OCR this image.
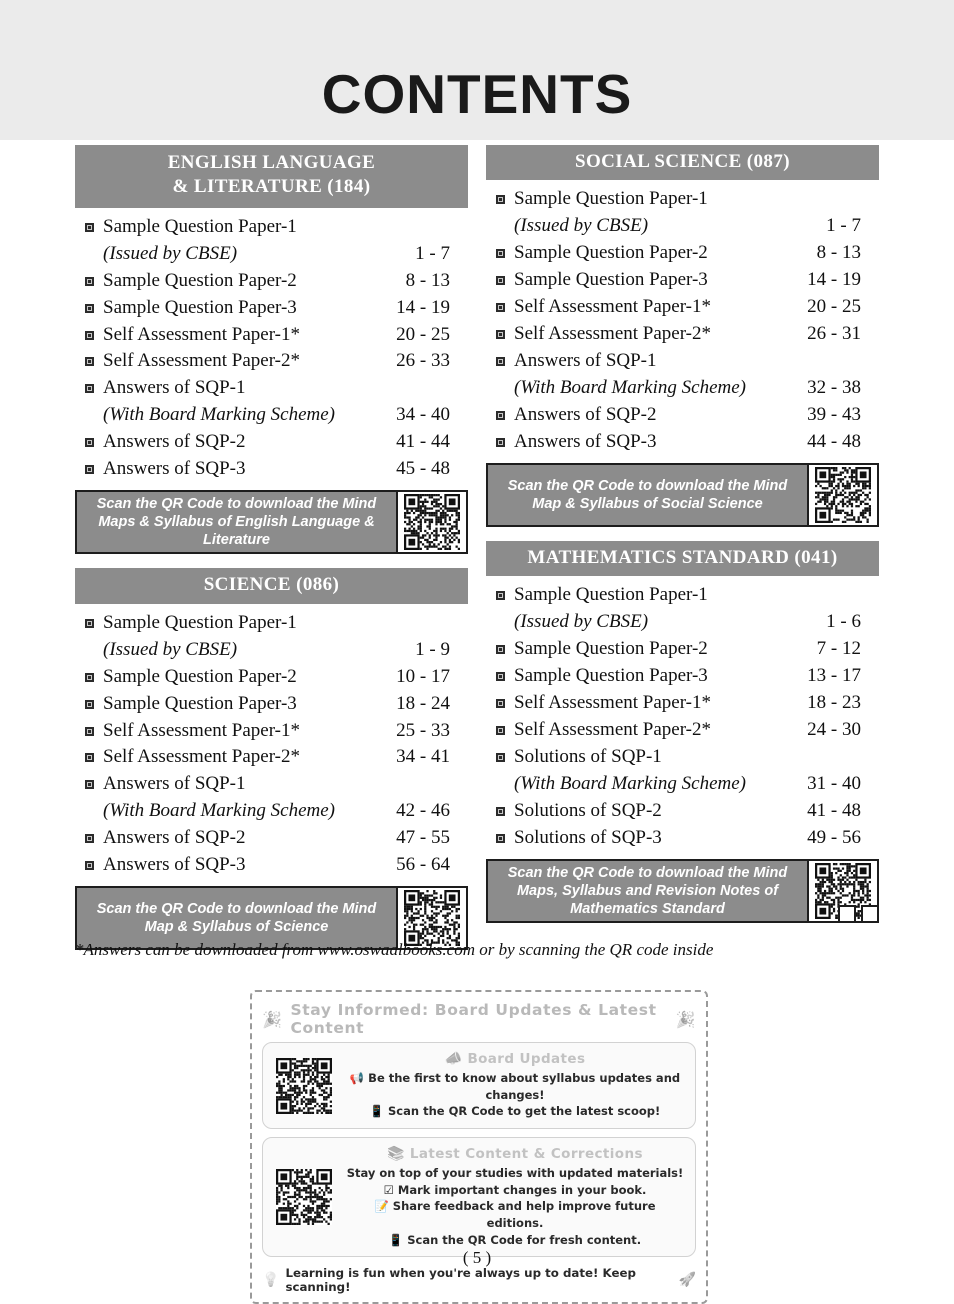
CONTENTS
ENGLISH LANGUAGE
& LITERATURE (184)
Sample Question Paper-1
(Issued by CBSE)	1 - 7
Sample Question Paper-2	8 - 13
Sample Question Paper-3	14 - 19
Self Assessment Paper-1*	20 - 25
Self Assessment Paper-2*	26 - 33
Answers of SQP-1
(With Board Marking Scheme)	34 - 40
Answers of SQP-2	41 - 44
Answers of SQP-3	45 - 48
Scan the QR Code to download the Mind Maps & Syllabus of English Language & Literature
SCIENCE (086)
Sample Question Paper-1
(Issued by CBSE)	1 - 9
Sample Question Paper-2	10 - 17
Sample Question Paper-3	18 - 24
Self Assessment Paper-1*	25 - 33
Self Assessment Paper-2*	34 - 41
Answers of SQP-1
(With Board Marking Scheme)	42 - 46
Answers of SQP-2	47 - 55
Answers of SQP-3	56 - 64
Scan the QR Code to download the Mind Map & Syllabus of Science
SOCIAL SCIENCE (087)
Sample Question Paper-1
(Issued by CBSE)	1 - 7
Sample Question Paper-2	8 - 13
Sample Question Paper-3	14 - 19
Self Assessment Paper-1*	20 - 25
Self Assessment Paper-2*	26 - 31
Answers of SQP-1
(With Board Marking Scheme)	32 - 38
Answers of SQP-2	39 - 43
Answers of SQP-3	44 - 48
Scan the QR Code to download the Mind Map & Syllabus of Social Science
MATHEMATICS STANDARD (041)
Sample Question Paper-1
(Issued by CBSE)	1 - 6
Sample Question Paper-2	7 - 12
Sample Question Paper-3	13 - 17
Self Assessment Paper-1*	18 - 23
Self Assessment Paper-2*	24 - 30
Solutions of SQP-1
(With Board Marking Scheme)	31 - 40
Solutions of SQP-2	41 - 48
Solutions of SQP-3	49 - 56
Scan the QR Code to download the Mind Maps, Syllabus and Revision Notes of Mathematics Standard
*Answers can be downloaded from www.oswaalbooks.com or by scanning the QR code inside
🎉 Stay Informed: Board Updates & Latest Content	🎉
📣 Board Updates
📢 Be the first to know about syllabus updates and changes!
📱 Scan the QR Code to get the latest scoop!
📚 Latest Content & Corrections
Stay on top of your studies with updated materials!
☑ Mark important changes in your book.
📝 Share feedback and help improve future editions.
📱 Scan the QR Code for fresh content.
💡 Learning is fun when you're always up to date! Keep scanning!	🚀
( 5 )
